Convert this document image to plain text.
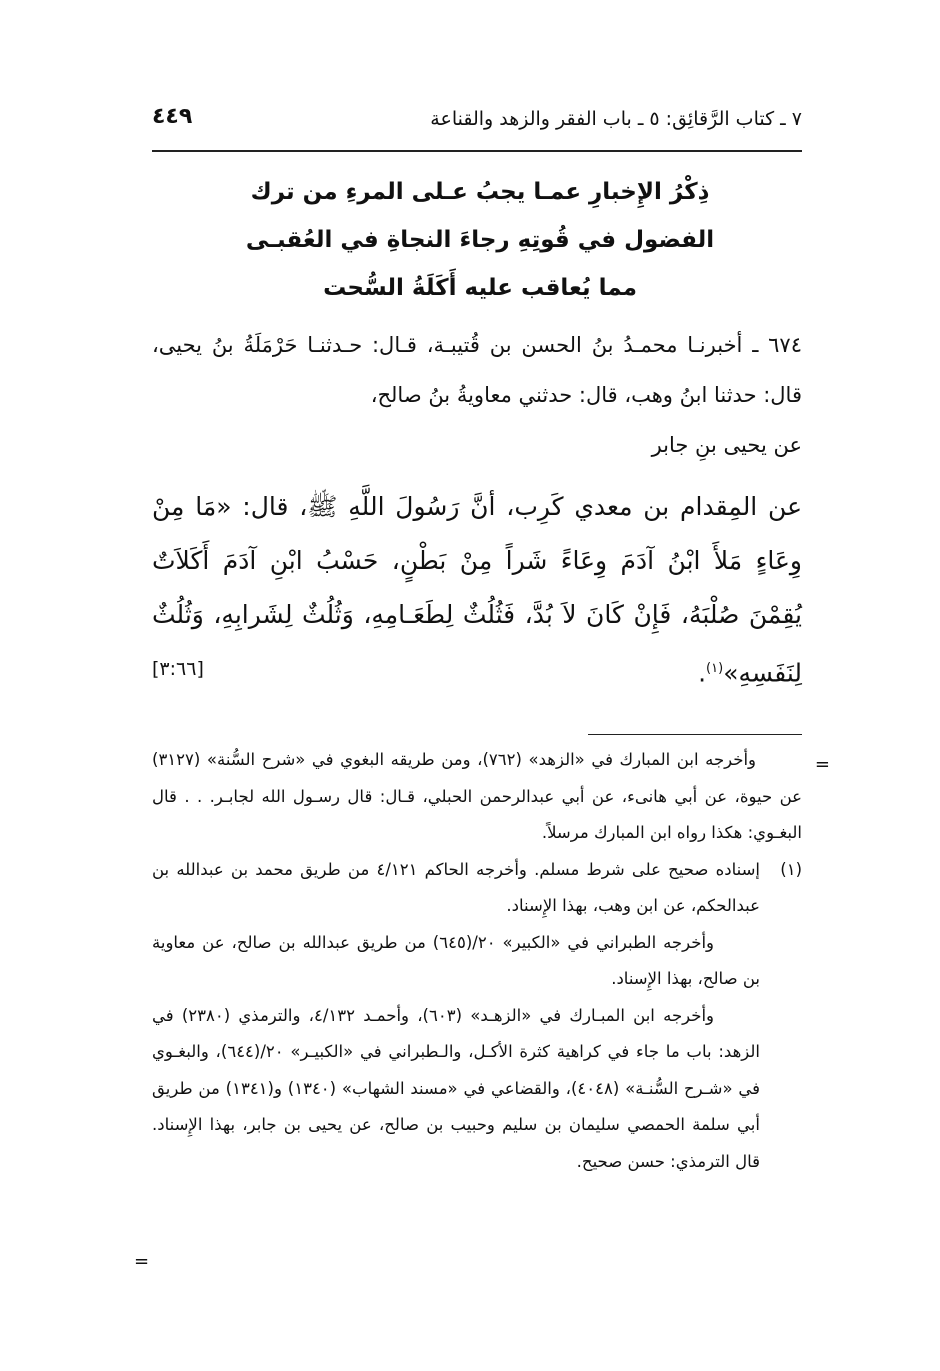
٧ ـ كتاب الرَّقائِق: ٥ ـ باب الفقر والزهد والقناعة
٤٤٩
ذِكْرُ الإِخبارِ عمـا يجبُ عـلى المرءِ من ترك
الفضول في قُوتِهِ رجاءَ النجاةِ في العُقبـى
مما يُعاقب عليه أَكَلَةُ السُّحت

٦٧٤ ـ أخبرنـا محمـدُ بنُ الحسن بن قُتيبـة، قـال: حـدثنـا حَرْمَلَةُ بنُ يحيى، قال: حدثنا ابنُ وهب، قال: حدثني معاويةُ بنُ صالح،

عن يحيى بنِ جابر

عن المِقدام بن معدي كَرِب، أنَّ رَسُولَ اللَّهِ ﷺ، قال: «مَا مِنْ وِعَاءٍ مَلأَ ابْنُ آدَمَ وِعَاءً شَراً مِنْ بَطْنٍ، حَسْبُ ابْنِ آدَمَ أَكَلاَتٌ يُقِمْنَ صُلْبَهُ، فَإِنْ كَانَ لاَ بُدَّ، فَثُلُثٌ لِطَعَـامِهِ، وَثُلُثٌ لِشَرابِهِ، وَثُلُثٌ لِنَفَسِهِ»$^{(١)}$.
[٣:٦٦]

=

وأخرجه ابن المبارك في «الزهد» (٧٦٢)، ومن طريقه البغوي في «شرح السُّنة» (٣١٢٧) عن حيوة، عن أبي هانىء، عن أبي عبدالرحمن الحبلي، قـال: قال رسـول الله لجابـر. . . قال البغـوي: هكذا رواه ابن المبارك مرسلاً.

(١)

إسناده صحيح على شرط مسلم. وأخرجه الحاكم ٤/١٢١ من طريق محمد بن عبدالله بن عبدالحكم، عن ابن وهب، بهذا الإِسناد.

وأخرجه الطبراني في «الكبير» ٢٠/(٦٤٥) من طريق عبدالله بن صالح، عن معاوية بن صالح، بهذا الإِسناد.

وأخرجه ابن المبـارك في «الزهـد» (٦٠٣)، وأحمـد ٤/١٣٢، والترمذي (٢٣٨٠) في الزهد: باب ما جاء في كراهية كثرة الأكـل، والـطبراني في «الكبيـر» ٢٠/(٦٤٤)، والبغـوي في «شـرح السُّنـة» (٤٠٤٨)، والقضاعي في «مسند الشهاب» (١٣٤٠) و(١٣٤١) من طريق أبي سلمة الحمصي سليمان بن سليم وحبيب بن صالح، عن يحيى بن جابر، بهذا الإِسناد. قال الترمذي: حسن صحيح.

=
